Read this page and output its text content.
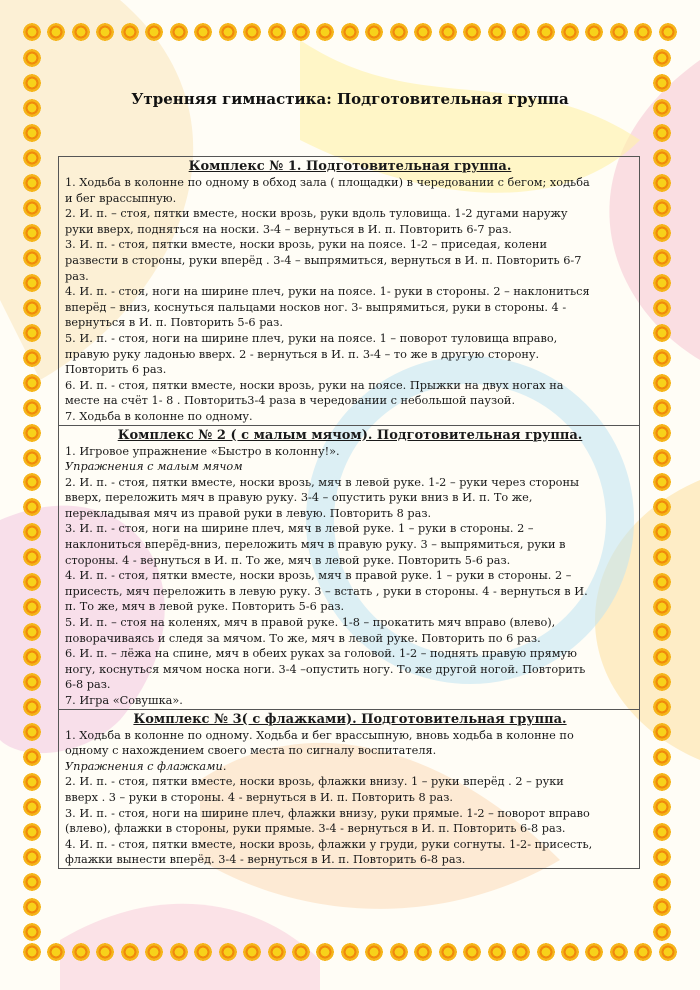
Утренняя гимнастика: Подготовительная группа
Комплекс № 1. Подготовительная группа.
1. Ходьба в колонне по одному в обход зала ( площадки) в чередовании с бегом; ходьба
и бег врассыпную.
2. И. п. – стоя, пятки вместе, носки врозь, руки вдоль туловища. 1-2 дугами наружу
руки вверх, подняться на носки. 3-4 – вернуться в И. п. Повторить 6-7 раз.
3. И. п. - стоя, пятки вместе, носки врозь, руки на поясе. 1-2 – приседая, колени
развести в стороны, руки вперёд . 3-4 – выпрямиться, вернуться в И. п. Повторить 6-7
раз.
4. И. п. - стоя, ноги на ширине плеч, руки на поясе. 1- руки в стороны. 2 – наклониться
вперёд – вниз, коснуться пальцами носков ног. 3- выпрямиться, руки в стороны. 4 -
вернуться в И. п. Повторить 5-6 раз.
5. И. п. - стоя, ноги на ширине плеч, руки на поясе. 1 – поворот туловища вправо,
правую руку ладонью вверх. 2 - вернуться в И. п. 3-4 – то же в другую сторону.
Повторить 6 раз.
6. И. п. - стоя, пятки вместе, носки врозь, руки на поясе. Прыжки на двух ногах на
месте на счёт 1- 8 . Повторить3-4 раза в чередовании с небольшой паузой.
7. Ходьба в колонне по одному.

Комплекс № 2 ( с малым мячом). Подготовительная группа.
1. Игровое упражнение «Быстро в колонну!».
Упражнения с малым мячом
2. И. п. - стоя, пятки вместе, носки врозь, мяч в левой руке. 1-2 – руки через стороны
вверх, переложить мяч в правую руку. 3-4 – опустить руки вниз в И. п. То же,
перекладывая мяч из правой руки в левую. Повторить 8 раз.
3. И. п. - стоя, ноги на ширине плеч, мяч в левой руке. 1 – руки в стороны. 2 –
наклониться вперёд-вниз, переложить мяч в правую руку. 3 – выпрямиться, руки в
стороны. 4 - вернуться в И. п. То же, мяч в левой руке. Повторить 5-6 раз.
4. И. п. - стоя, пятки вместе, носки врозь, мяч в правой руке. 1 – руки в стороны. 2 –
присесть, мяч переложить в левую руку. 3 – встать , руки в стороны. 4 - вернуться в И.
п. То же, мяч в левой руке. Повторить 5-6 раз.
5. И. п. – стоя на коленях, мяч в правой руке. 1-8 – прокатить мяч вправо (влево),
поворачиваясь и следя за мячом. То же, мяч в левой руке. Повторить по 6 раз.
6. И. п. – лёжа на спине, мяч в обеих руках за головой. 1-2 – поднять правую прямую
ногу, коснуться мячом носка ноги. 3-4 –опустить ногу. То же другой ногой. Повторить
6-8 раз.
7. Игра «Совушка».

Комплекс № 3( с флажками). Подготовительная группа.
1. Ходьба в колонне по одному. Ходьба и бег врассыпную, вновь ходьба в колонне по
одному с нахождением своего места по сигналу воспитателя.
Упражнения с флажками.
2. И. п. - стоя, пятки вместе, носки врозь, флажки внизу. 1 – руки вперёд . 2 – руки
вверх . 3 – руки в стороны. 4 - вернуться в И. п. Повторить 8 раз.
3. И. п. - стоя, ноги на ширине плеч, флажки внизу, руки прямые. 1-2 – поворот вправо
(влево), флажки в стороны, руки прямые. 3-4 - вернуться в И. п. Повторить 6-8 раз.
4. И. п. - стоя, пятки вместе, носки врозь, флажки у груди, руки согнуты. 1-2- присесть,
флажки вынести вперёд. 3-4 - вернуться в И. п. Повторить 6-8 раз.
